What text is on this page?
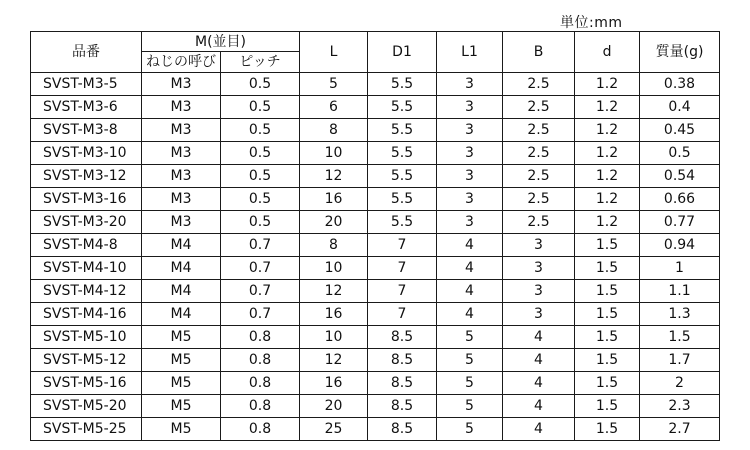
単位:mm
品番	M(並目)		L	D1	L1	B	d	質量(g)
	ねじの呼び	ピッチ						
SVST-M3-5	M3	0.5	5	5.5	3	2.5	1.2	0.38
SVST-M3-6	M3	0.5	6	5.5	3	2.5	1.2	0.4
SVST-M3-8	M3	0.5	8	5.5	3	2.5	1.2	0.45
SVST-M3-10	M3	0.5	10	5.5	3	2.5	1.2	0.5
SVST-M3-12	M3	0.5	12	5.5	3	2.5	1.2	0.54
SVST-M3-16	M3	0.5	16	5.5	3	2.5	1.2	0.66
SVST-M3-20	M3	0.5	20	5.5	3	2.5	1.2	0.77
SVST-M4-8	M4	0.7	8	7	4	3	1.5	0.94
SVST-M4-10	M4	0.7	10	7	4	3	1.5	1
SVST-M4-12	M4	0.7	12	7	4	3	1.5	1.1
SVST-M4-16	M4	0.7	16	7	4	3	1.5	1.3
SVST-M5-10	M5	0.8	10	8.5	5	4	1.5	1.5
SVST-M5-12	M5	0.8	12	8.5	5	4	1.5	1.7
SVST-M5-16	M5	0.8	16	8.5	5	4	1.5	2
SVST-M5-20	M5	0.8	20	8.5	5	4	1.5	2.3
SVST-M5-25	M5	0.8	25	8.5	5	4	1.5	2.7
